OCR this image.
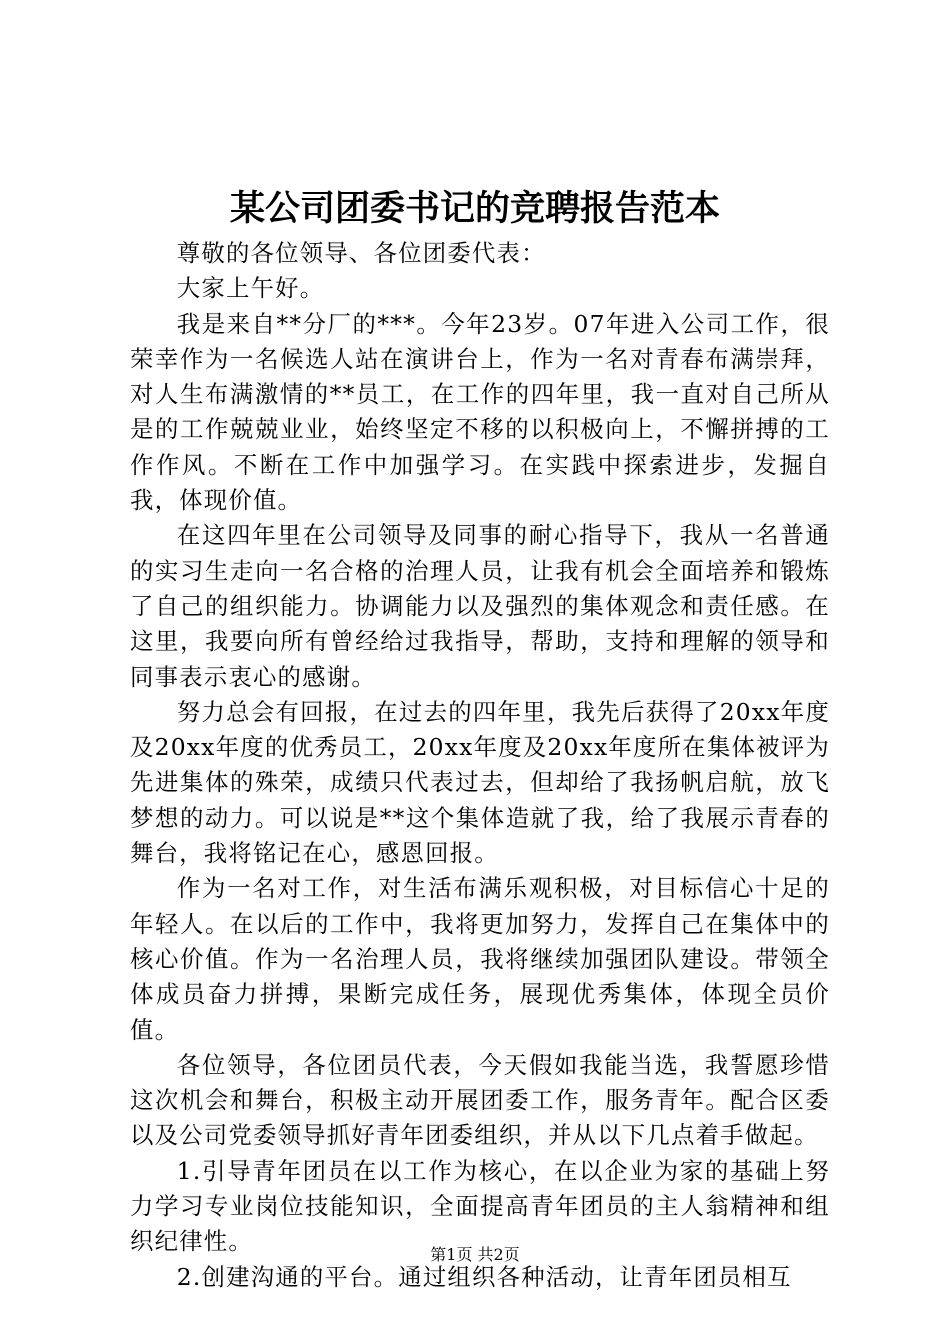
某公司团委书记的竞聘报告范本

尊敬的各位领导、各位团委代表：

大家上午好。

我是来自**分厂的***。今年23岁。07年进入公司工作，很荣幸作为一名候选人站在演讲台上，作为一名对青春布满崇拜，对人生布满激情的**员工，在工作的四年里，我一直对自己所从是的工作兢兢业业，始终坚定不移的以积极向上，不懈拼搏的工作作风。不断在工作中加强学习。在实践中探索进步，发掘自我，体现价值。

在这四年里在公司领导及同事的耐心指导下，我从一名普通的实习生走向一名合格的治理人员，让我有机会全面培养和锻炼了自己的组织能力。协调能力以及强烈的集体观念和责任感。在这里，我要向所有曾经给过我指导，帮助，支持和理解的领导和同事表示衷心的感谢。

努力总会有回报，在过去的四年里，我先后获得了20xx年度及20xx年度的优秀员工，20xx年度及20xx年度所在集体被评为先进集体的殊荣，成绩只代表过去，但却给了我扬帆启航，放飞梦想的动力。可以说是**这个集体造就了我，给了我展示青春的舞台，我将铭记在心，感恩回报。

作为一名对工作，对生活布满乐观积极，对目标信心十足的年轻人。在以后的工作中，我将更加努力，发挥自己在集体中的核心价值。作为一名治理人员，我将继续加强团队建设。带领全体成员奋力拼搏，果断完成任务，展现优秀集体，体现全员价值。

各位领导，各位团员代表，今天假如我能当选，我誓愿珍惜这次机会和舞台，积极主动开展团委工作，服务青年。配合区委以及公司党委领导抓好青年团委组织，并从以下几点着手做起。

1.引导青年团员在以工作为核心，在以企业为家的基础上努力学习专业岗位技能知识，全面提高青年团员的主人翁精神和组织纪律性。

2.创建沟通的平台。通过组织各种活动，让青年团员相互

第1页 共2页
